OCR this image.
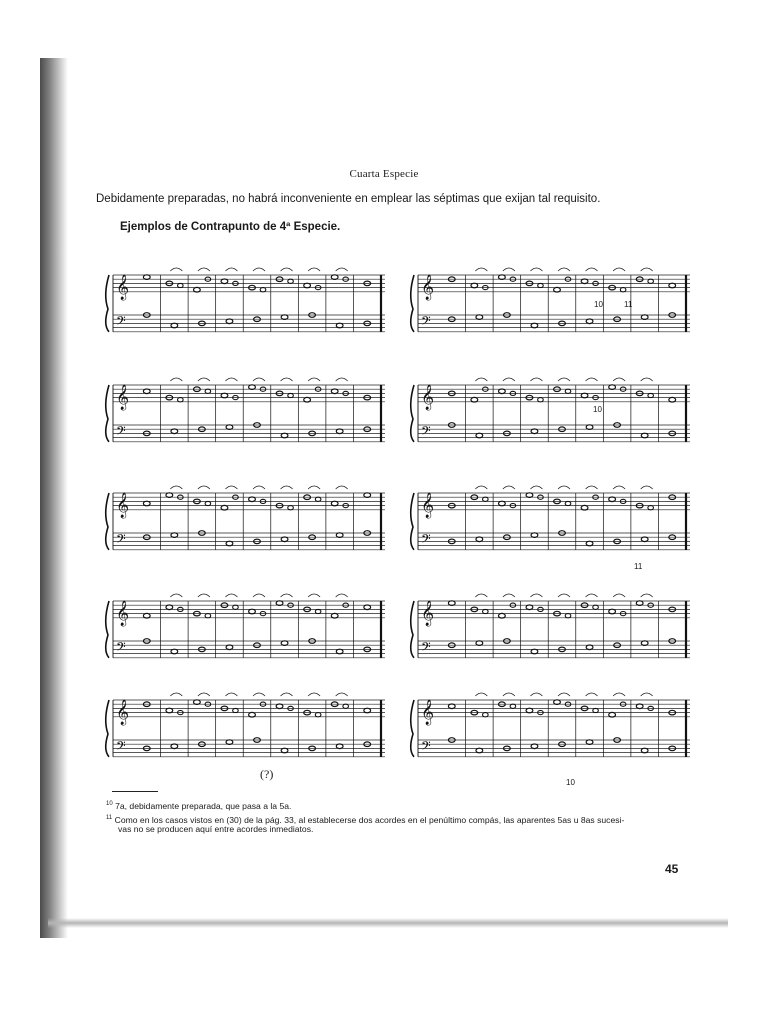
Cuarta Especie
Debidamente preparadas, no habrá inconveniente en emplear las séptimas que exijan tal requisito.
Ejemplos de Contrapunto de 4ª Especie.
𝄞
𝄢
𝄞
𝄢
𝄞
𝄢
𝄞
𝄢
𝄞
𝄢
𝄞
𝄢
𝄞
𝄢
𝄞
𝄢
𝄞
𝄢
𝄞
𝄢
10	11
10
11
10
(?)
$^{10}$ 7a, debidamente preparada, que pasa a la 5a.
$^{11}$ Como en los casos vistos en (30) de la pág. 33, al establecerse dos acordes en el penúltimo compás, las aparentes 5as u 8as sucesi-
vas no se producen aquí entre acordes inmediatos.
45
